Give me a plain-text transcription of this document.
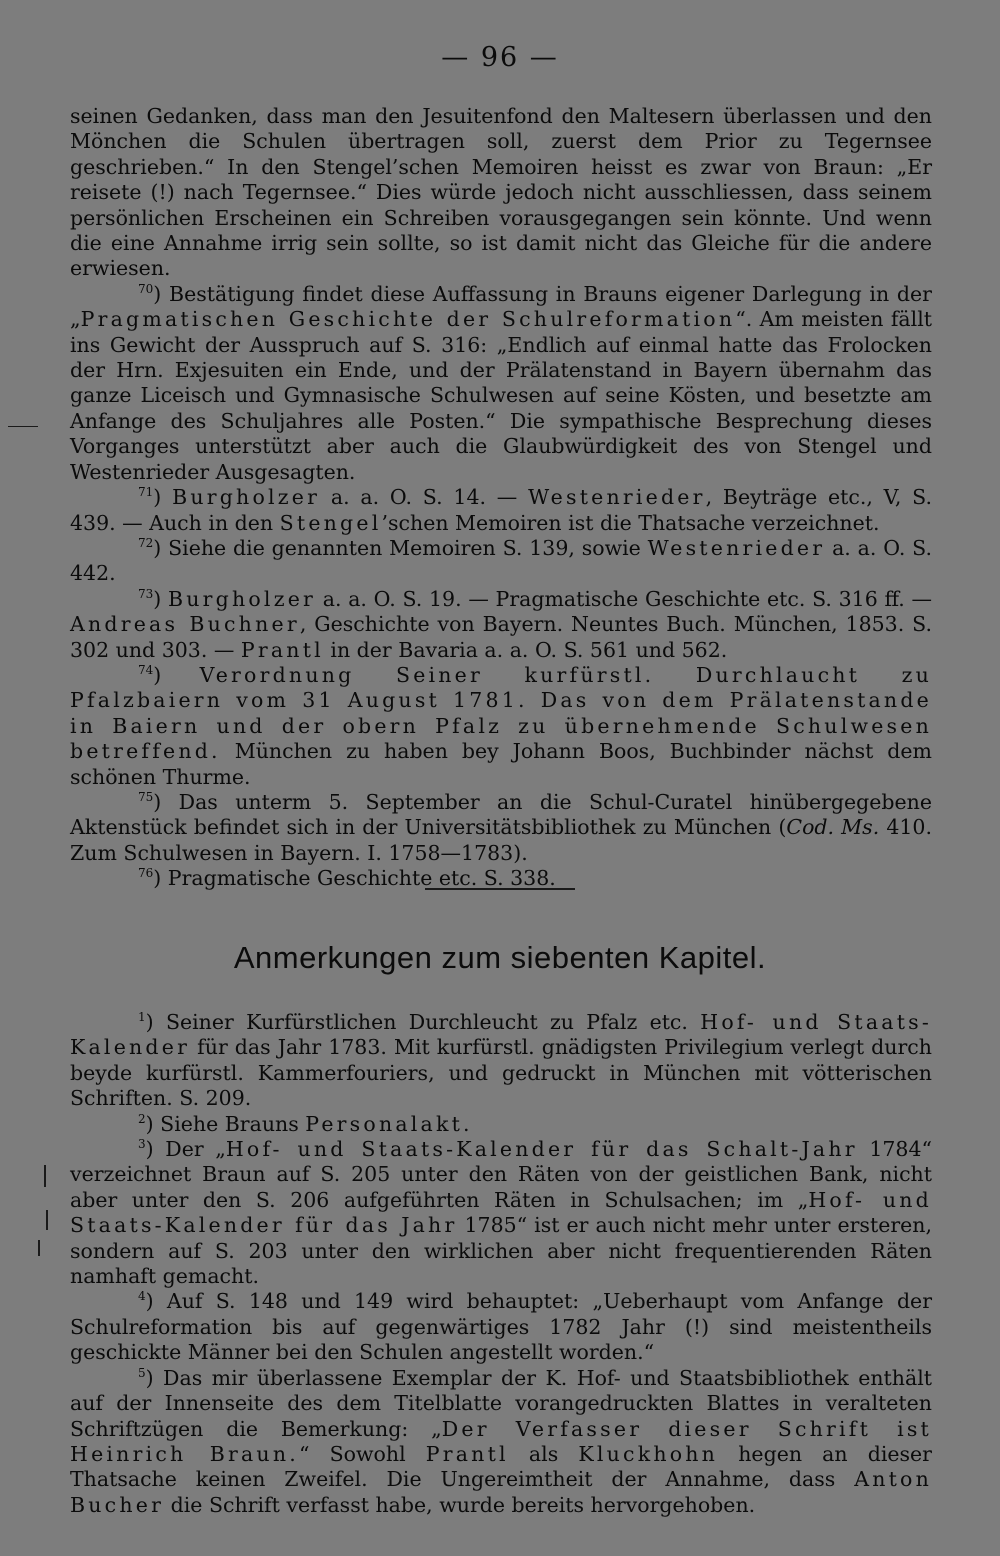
— 96 —

seinen Gedanken, dass man den Jesuitenfond den Maltesern überlassen und den Mönchen die Schulen übertragen soll, zuerst dem Prior zu Tegernsee geschrieben.“ In den Stengel’schen Memoiren heisst es zwar von Braun: „Er reisete (!) nach Tegernsee.“ Dies würde jedoch nicht ausschliessen, dass seinem persönlichen Erscheinen ein Schreiben vorausgegangen sein könnte. Und wenn die eine Annahme irrig sein sollte, so ist damit nicht das Gleiche für die andere erwiesen.

$^{70}$) Bestätigung findet diese Auffassung in Brauns eigener Darlegung in der „Pragmatischen Geschichte der Schulreformation“. Am meisten fällt ins Gewicht der Ausspruch auf S. 316: „Endlich auf einmal hatte das Frolocken der Hrn. Exjesuiten ein Ende, und der Prälatenstand in Bayern übernahm das ganze Liceisch und Gymnasische Schulwesen auf seine Kösten, und besetzte am Anfange des Schuljahres alle Posten.“ Die sympathische Besprechung dieses Vorganges unterstützt aber auch die Glaubwürdigkeit des von Stengel und Westenrieder Ausgesagten.

$^{71}$) Burgholzer a. a. O. S. 14. — Westenrieder, Beyträge etc., V, S. 439. — Auch in den Stengel’schen Memoiren ist die Thatsache verzeichnet.

$^{72}$) Siehe die genannten Memoiren S. 139, sowie Westenrieder a. a. O. S. 442.

$^{73}$) Burgholzer a. a. O. S. 19. — Pragmatische Geschichte etc. S. 316 ff. — Andreas Buchner, Geschichte von Bayern. Neuntes Buch. München, 1853. S. 302 und 303. — Prantl in der Bavaria a. a. O. S. 561 und 562.

$^{74}$) Verordnung Seiner kurfürstl. Durchlaucht zu Pfalzbaiern vom 31 August 1781. Das von dem Prälatenstande in Baiern und der obern Pfalz zu übernehmende Schulwesen betreffend. München zu haben bey Johann Boos, Buchbinder nächst dem schönen Thurme.

$^{75}$) Das unterm 5. September an die Schul-Curatel hinübergegebene Aktenstück befindet sich in der Universitätsbibliothek zu München (Cod. Ms. 410. Zum Schulwesen in Bayern. I. 1758—1783).

$^{76}$) Pragmatische Geschichte etc. S. 338.

Anmerkungen zum siebenten Kapitel.

$^1$) Seiner Kurfürstlichen Durchleucht zu Pfalz etc. Hof- und Staats-Kalender für das Jahr 1783. Mit kurfürstl. gnädigsten Privilegium verlegt durch beyde kurfürstl. Kammerfouriers, und gedruckt in München mit vötterischen Schriften. S. 209.

$^2$) Siehe Brauns Personalakt.

$^3$) Der „Hof- und Staats-Kalender für das Schalt-Jahr 1784“ verzeichnet Braun auf S. 205 unter den Räten von der geistlichen Bank, nicht aber unter den S. 206 aufgeführten Räten in Schulsachen; im „Hof- und Staats-Kalender für das Jahr 1785“ ist er auch nicht mehr unter ersteren, sondern auf S. 203 unter den wirklichen aber nicht frequentierenden Räten namhaft gemacht.

$^4$) Auf S. 148 und 149 wird behauptet: „Ueberhaupt vom Anfange der Schulreformation bis auf gegenwärtiges 1782 Jahr (!) sind meistentheils geschickte Männer bei den Schulen angestellt worden.“

$^5$) Das mir überlassene Exemplar der K. Hof- und Staatsbibliothek enthält auf der Innenseite des dem Titelblatte vorangedruckten Blattes in veralteten Schriftzügen die Bemerkung: „Der Verfasser dieser Schrift ist Heinrich Braun.“ Sowohl Prantl als Kluckhohn hegen an dieser Thatsache keinen Zweifel. Die Ungereimtheit der Annahme, dass Anton Bucher die Schrift verfasst habe, wurde bereits hervorgehoben.
